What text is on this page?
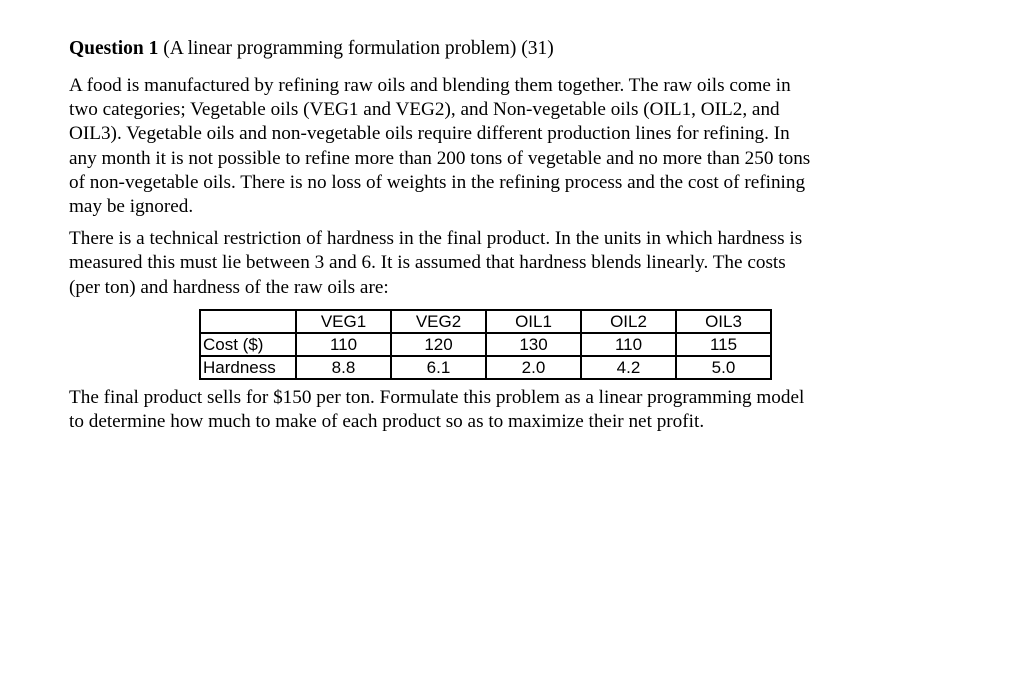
Question 1 (A linear programming formulation problem) (31)

A food is manufactured by refining raw oils and blending them together. The raw oils come in
two categories; Vegetable oils (VEG1 and VEG2), and Non-vegetable oils (OIL1, OIL2, and
OIL3). Vegetable oils and non-vegetable oils require different production lines for refining. In
any month it is not possible to refine more than 200 tons of vegetable and no more than 250 tons
of non-vegetable oils. There is no loss of weights in the refining process and the cost of refining
may be ignored.

There is a technical restriction of hardness in the final product. In the units in which hardness is
measured this must lie between 3 and 6. It is assumed that hardness blends linearly. The costs
(per ton) and hardness of the raw oils are:

	VEG1	VEG2	OIL1	OIL2	OIL3
Cost ($)	110	120	130	110	115
Hardness	8.8	6.1	2.0	4.2	5.0

The final product sells for $150 per ton. Formulate this problem as a linear programming model
to determine how much to make of each product so as to maximize their net profit.
